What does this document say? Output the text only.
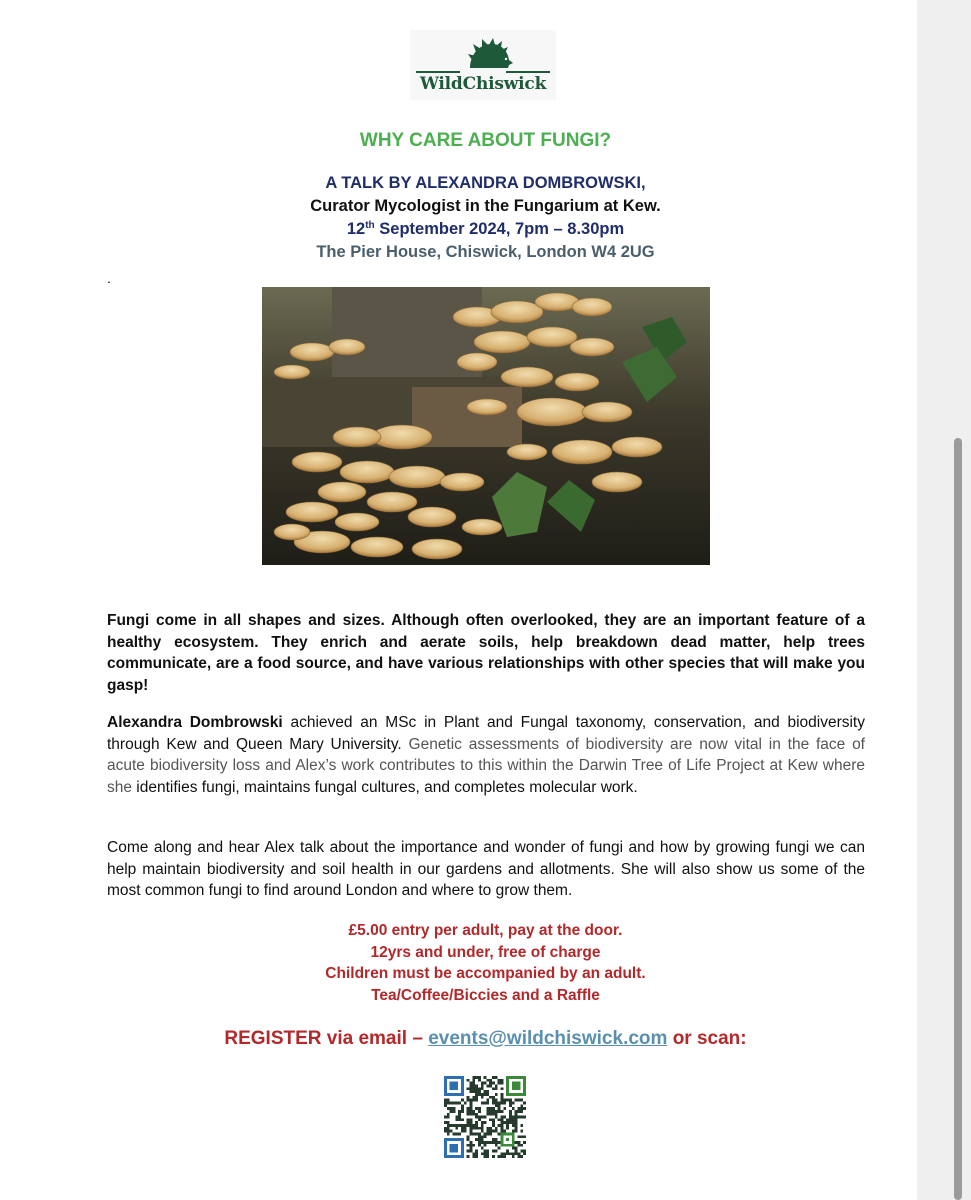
WildChiswick
WHY CARE ABOUT FUNGI?
A TALK BY ALEXANDRA DOMBROWSKI,
Curator Mycologist in the Fungarium at Kew.
12th September 2024, 7pm – 8.30pm
The Pier House, Chiswick, London W4 2UG
.
Fungi come in all shapes and sizes. Although often overlooked, they are an important feature of a healthy ecosystem. They enrich and aerate soils, help breakdown dead matter, help trees communicate, are a food source, and have various relationships with other species that will make you gasp!
Alexandra Dombrowski achieved an MSc in Plant and Fungal taxonomy, conservation, and biodiversity through Kew and Queen Mary University. Genetic assessments of biodiversity are now vital in the face of acute biodiversity loss and Alex’s work contributes to this within the Darwin Tree of Life Project at Kew where she identifies fungi, maintains fungal cultures, and completes molecular work.
Come along and hear Alex talk about the importance and wonder of fungi and how by growing fungi we can help maintain biodiversity and soil health in our gardens and allotments. She will also show us some of the most common fungi to find around London and where to grow them.
£5.00 entry per adult, pay at the door.
12yrs and under, free of charge
Children must be accompanied by an adult.
Tea/Coffee/Biccies and a Raffle
REGISTER via email – events@wildchiswick.com or scan:
